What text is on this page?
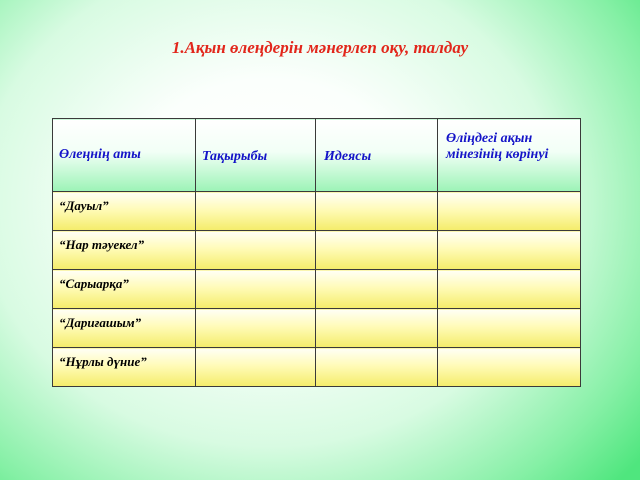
1.Ақын өлеңдерін мәнерлеп оқу, талдау
Өлеңнің аты	Тақырыбы	Идеясы	Өліңдегі ақын мінезінің көрінуі

“Дауыл”			

“Нар тәуекел”			

“Сарыарқа”			

“Дариғашым”			

“Нұрлы дүние”			
